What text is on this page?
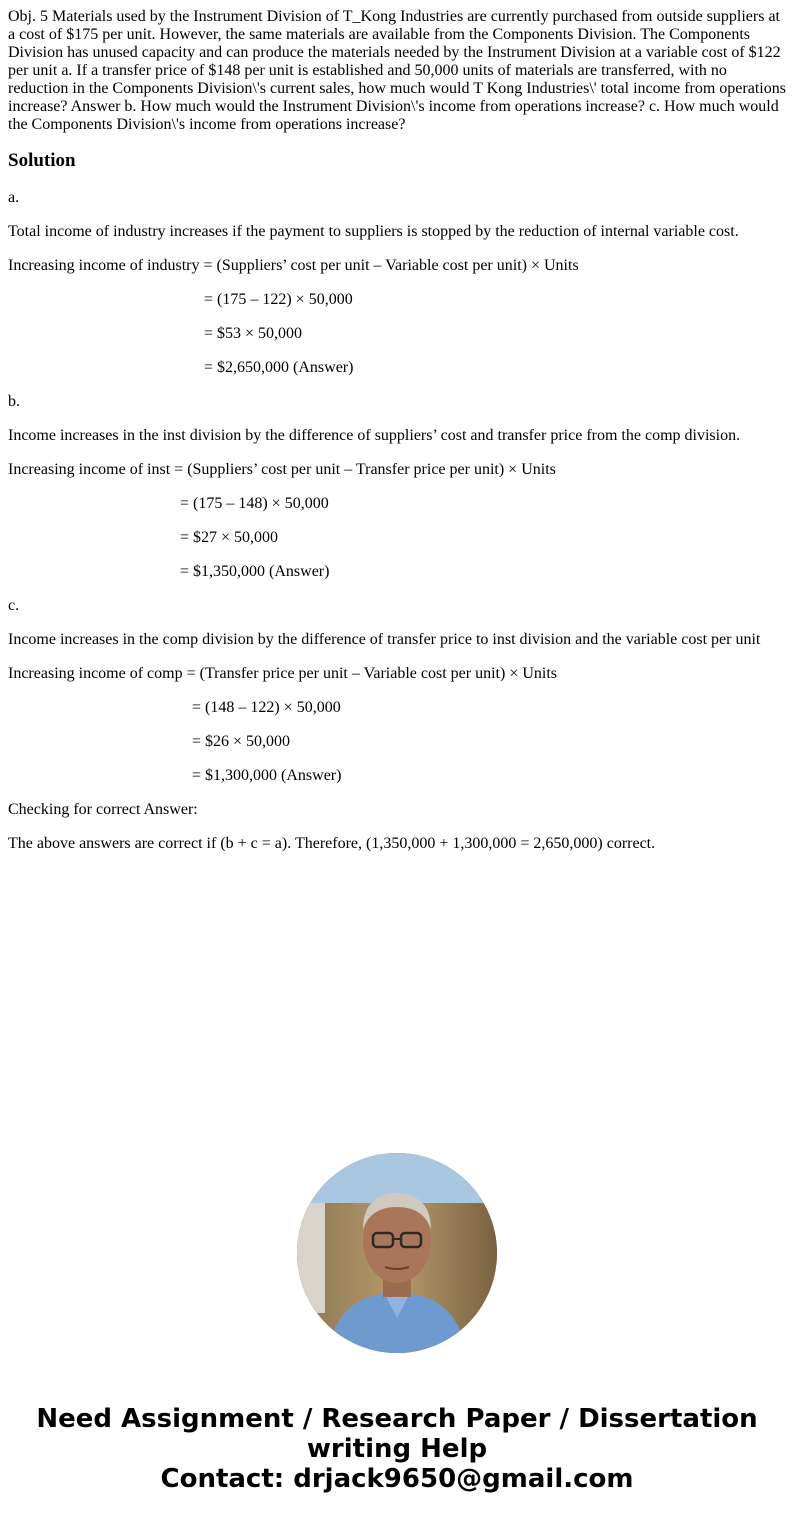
Obj. 5 Materials used by the Instrument Division of T_Kong Industries are currently purchased from outside suppliers at a cost of $175 per unit. However, the same materials are available from the Components Division. The Components Division has unused capacity and can produce the materials needed by the Instrument Division at a variable cost of $122 per unit a. If a transfer price of $148 per unit is established and 50,000 units of materials are transferred, with no reduction in the Components Division\'s current sales, how much would T Kong Industries\' total income from operations increase? Answer b. How much would the Instrument Division\'s income from operations increase? c. How much would the Components Division\'s income from operations increase?
Solution
a.
Total income of industry increases if the payment to suppliers is stopped by the reduction of internal variable cost.
Increasing income of industry = (Suppliers’ cost per unit – Variable cost per unit) × Units
= (175 – 122) × 50,000
= $53 × 50,000
= $2,650,000 (Answer)
b.
Income increases in the inst division by the difference of suppliers’ cost and transfer price from the comp division.
Increasing income of inst = (Suppliers’ cost per unit – Transfer price per unit) × Units
= (175 – 148) × 50,000
= $27 × 50,000
= $1,350,000 (Answer)
c.
Income increases in the comp division by the difference of transfer price to inst division and the variable cost per unit
Increasing income of comp = (Transfer price per unit – Variable cost per unit) × Units
= (148 – 122) × 50,000
= $26 × 50,000
= $1,300,000 (Answer)
Checking for correct Answer:
The above answers are correct if (b + c = a). Therefore, (1,350,000 + 1,300,000 = 2,650,000) correct.
Need Assignment / Research Paper / Dissertation
writing Help
Contact: drjack9650@gmail.com
